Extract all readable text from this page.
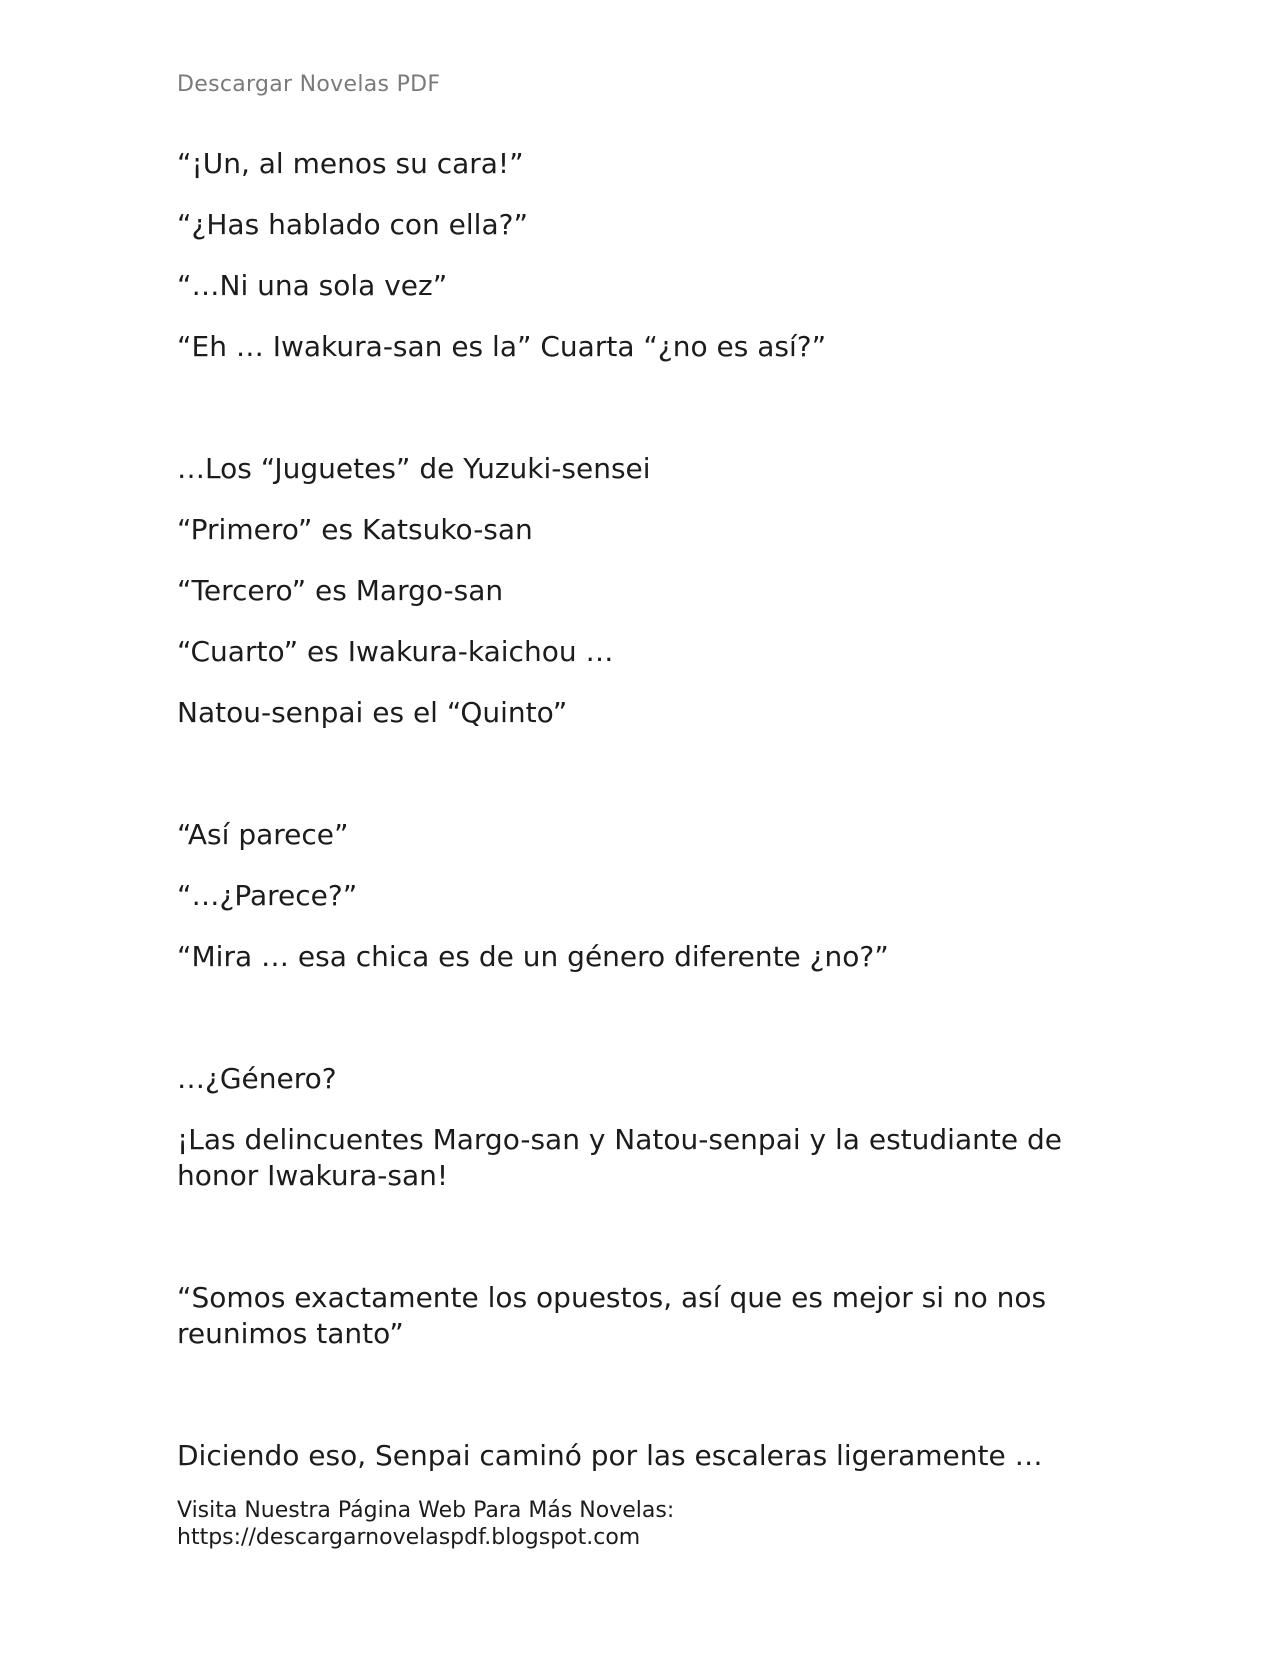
Descargar Novelas PDF

“¡Un, al menos su cara!”

“¿Has hablado con ella?”

“…Ni una sola vez”

“Eh … Iwakura-san es la” Cuarta “¿no es así?”

…Los “Juguetes” de Yuzuki-sensei

“Primero” es Katsuko-san

“Tercero” es Margo-san

“Cuarto” es Iwakura-kaichou …

Natou-senpai es el “Quinto”

“Así parece”

“…¿Parece?”

“Mira … esa chica es de un género diferente ¿no?”

…¿Género?

¡Las delincuentes Margo-san y Natou-senpai y la estudiante de honor Iwakura-san!

“Somos exactamente los opuestos, así que es mejor si no nos reunimos tanto”

Diciendo eso, Senpai caminó por las escaleras ligeramente …

Visita Nuestra Página Web Para Más Novelas:
https://descargarnovelaspdf.blogspot.com
